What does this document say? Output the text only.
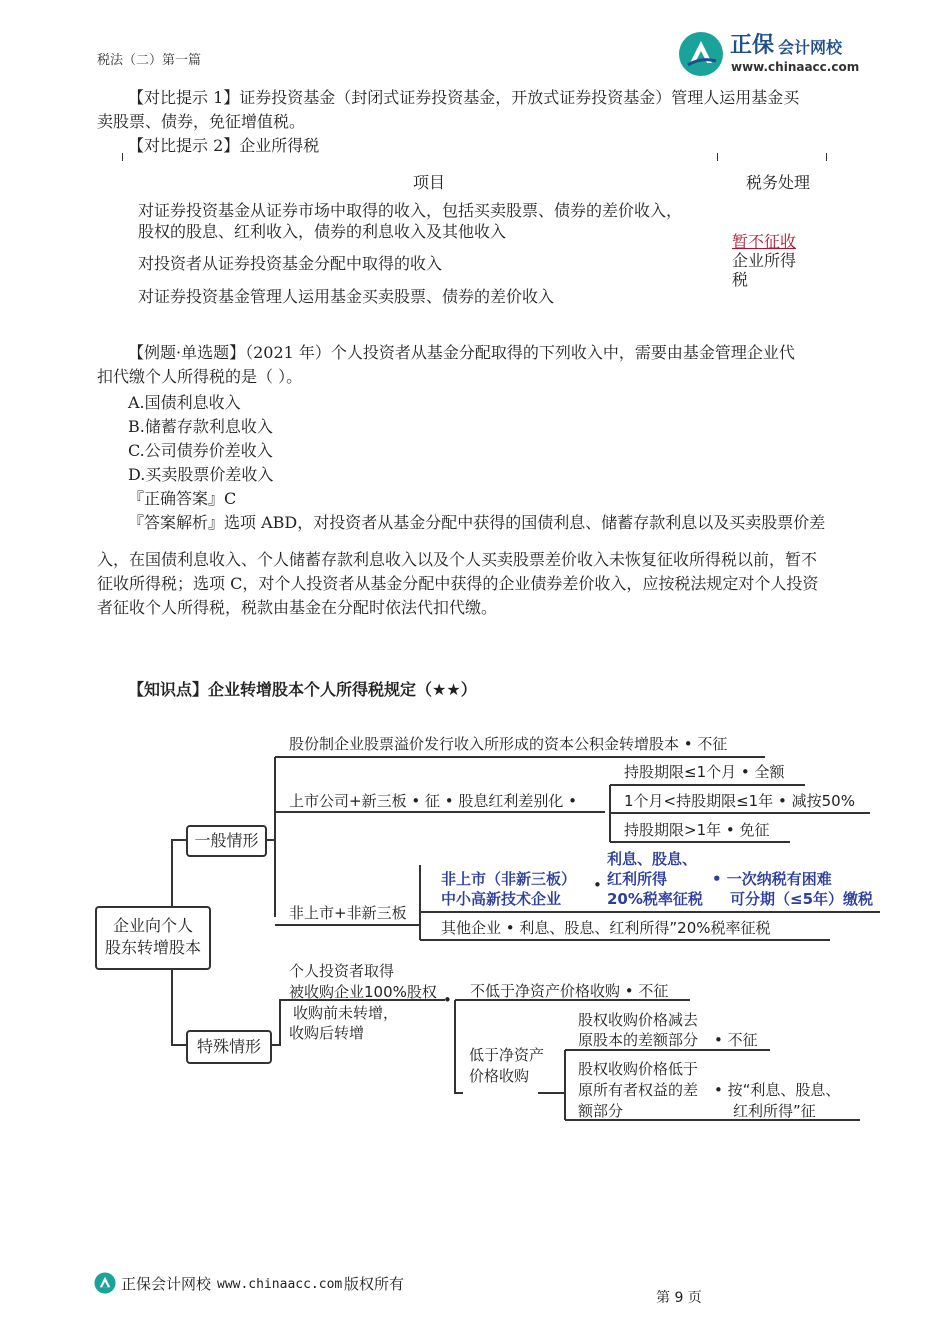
税法（二）第一篇
正保 会计网校
www.chinaacc.com
【对比提示 1】证券投资基金（封闭式证券投资基金，开放式证券投资基金）管理人运用基金买
卖股票、债券，免征增值税。
【对比提示 2】企业所得税
项目	税务处理
对证券投资基金从证券市场中取得的收入，包括买卖股票、债券的差价收入，
股权的股息、红利收入，债券的利息收入及其他收入
对投资者从证券投资基金分配中取得的收入
对证券投资基金管理人运用基金买卖股票、债券的差价收入
暂不征收
企业所得
税
【例题·单选题】（2021 年）个人投资者从基金分配取得的下列收入中，需要由基金管理企业代
扣代缴个人所得税的是（ ）。
A.国债利息收入
B.储蓄存款利息收入
C.公司债券价差收入
D.买卖股票价差收入
『正确答案』C
『答案解析』选项 ABD，对投资者从基金分配中获得的国债利息、储蓄存款利息以及买卖股票价差
入，在国债利息收入、个人储蓄存款利息收入以及个人买卖股票差价收入未恢复征收所得税以前，暂不
征收所得税；选项 C，对个人投资者从基金分配中获得的企业债券差价收入，应按税法规定对个人投资
者征收个人所得税，税款由基金在分配时依法代扣代缴。
【知识点】企业转增股本个人所得税规定（★★）
企业向个人
股东转增股本
一般情形
特殊情形
股份制企业股票溢价发行收入所形成的资本公积金转增股本 • 不征
上市公司+新三板 • 征 • 股息红利差别化 •
持股期限≤1个月 • 全额
1个月<持股期限≤1年 • 减按50%
持股期限>1年 • 免征
非上市+非新三板
非上市（非新三板）
中小高新技术企业
•
利息、股息、
红利所得
20%税率征税
• 一次纳税有困难
可分期（≤5年）缴税
其他企业 • 利息、股息、红利所得”20%税率征税
个人投资者取得
被收购企业100%股权
收购前未转增，
收购后转增
• 不低于净资产价格收购 • 不征
低于净资产
价格收购
股权收购价格减去
原股本的差额部分 • 不征
股权收购价格低于
原所有者权益的差
额部分
• 按“利息、股息、
红利所得”征
正保会计网校 www.chinaacc.com 版权所有
第 9 页
